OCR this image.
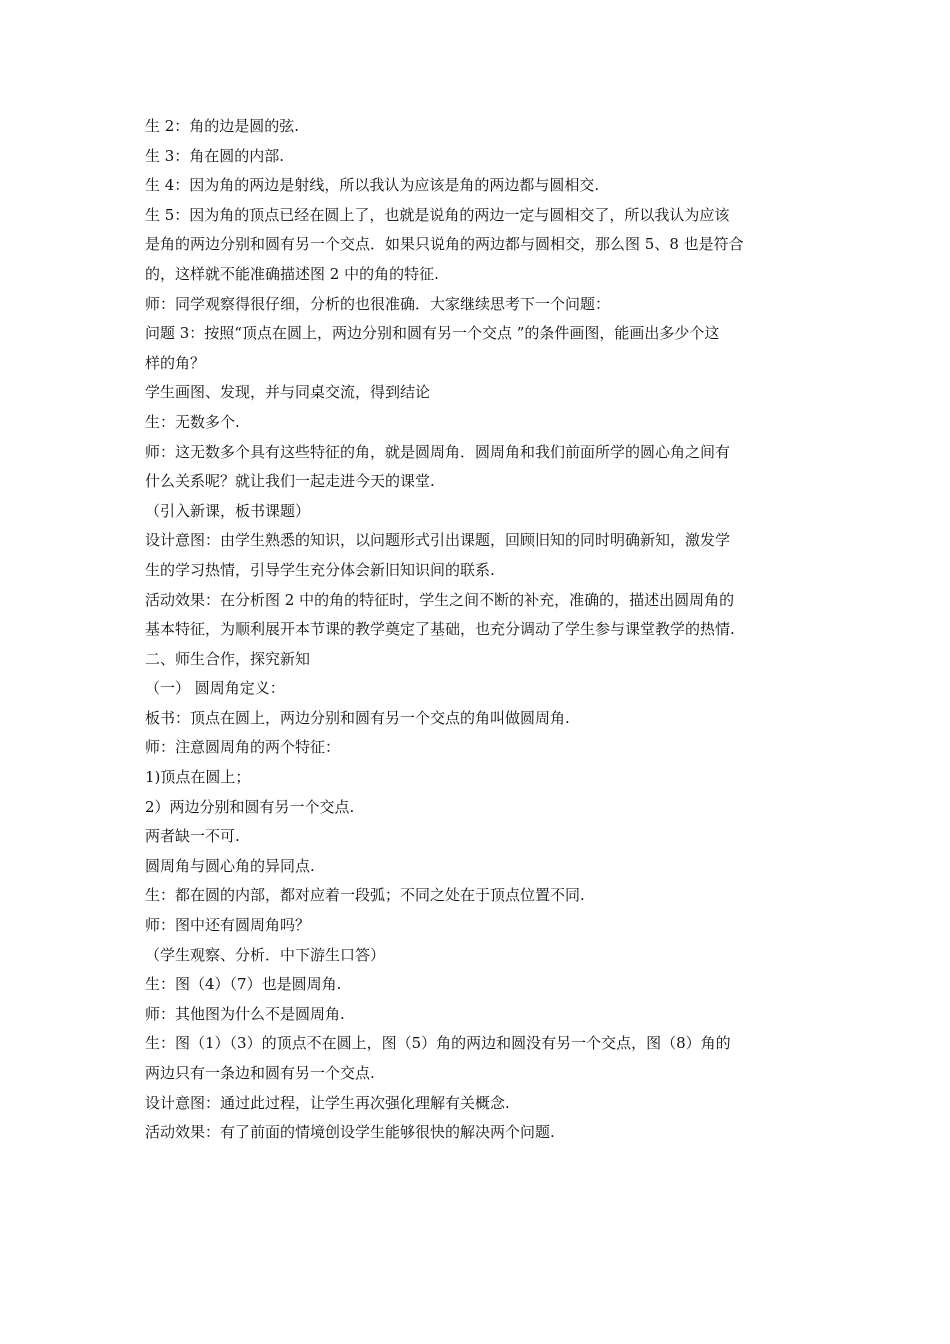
生 2：角的边是圆的弦.
生 3：角在圆的内部.
生 4：因为角的两边是射线，所以我认为应该是角的两边都与圆相交.
生 5：因为角的顶点已经在圆上了，也就是说角的两边一定与圆相交了，所以我认为应该
是角的两边分别和圆有另一个交点．如果只说角的两边都与圆相交，那么图 5、8 也是符合
的，这样就不能准确描述图 2 中的角的特征.
师：同学观察得很仔细，分析的也很准确．大家继续思考下一个问题：
问题 3：按照“顶点在圆上，两边分别和圆有另一个交点 ”的条件画图，能画出多少个这
样的角？
学生画图、发现，并与同桌交流，得到结论
生：无数多个.
师：这无数多个具有这些特征的角，就是圆周角．圆周角和我们前面所学的圆心角之间有
什么关系呢？就让我们一起走进今天的课堂.
（引入新课，板书课题）
设计意图：由学生熟悉的知识，以问题形式引出课题，回顾旧知的同时明确新知，激发学
生的学习热情，引导学生充分体会新旧知识间的联系.
活动效果：在分析图 2 中的角的特征时，学生之间不断的补充，准确的，描述出圆周角的
基本特征，为顺利展开本节课的教学奠定了基础，也充分调动了学生参与课堂教学的热情.
二、师生合作，探究新知
（一） 圆周角定义：
板书：顶点在圆上，两边分别和圆有另一个交点的角叫做圆周角.
师：注意圆周角的两个特征：
1)顶点在圆上；
2）两边分别和圆有另一个交点.
两者缺一不可.
圆周角与圆心角的异同点.
生：都在圆的内部，都对应着一段弧；不同之处在于顶点位置不同.
师：图中还有圆周角吗？
（学生观察、分析．中下游生口答）
生：图（4）（7）也是圆周角.
师：其他图为什么不是圆周角.
生：图（1）（3）的顶点不在圆上，图（5）角的两边和圆没有另一个交点，图（8）角的
两边只有一条边和圆有另一个交点.
设计意图：通过此过程，让学生再次强化理解有关概念.
活动效果：有了前面的情境创设学生能够很快的解决两个问题.
